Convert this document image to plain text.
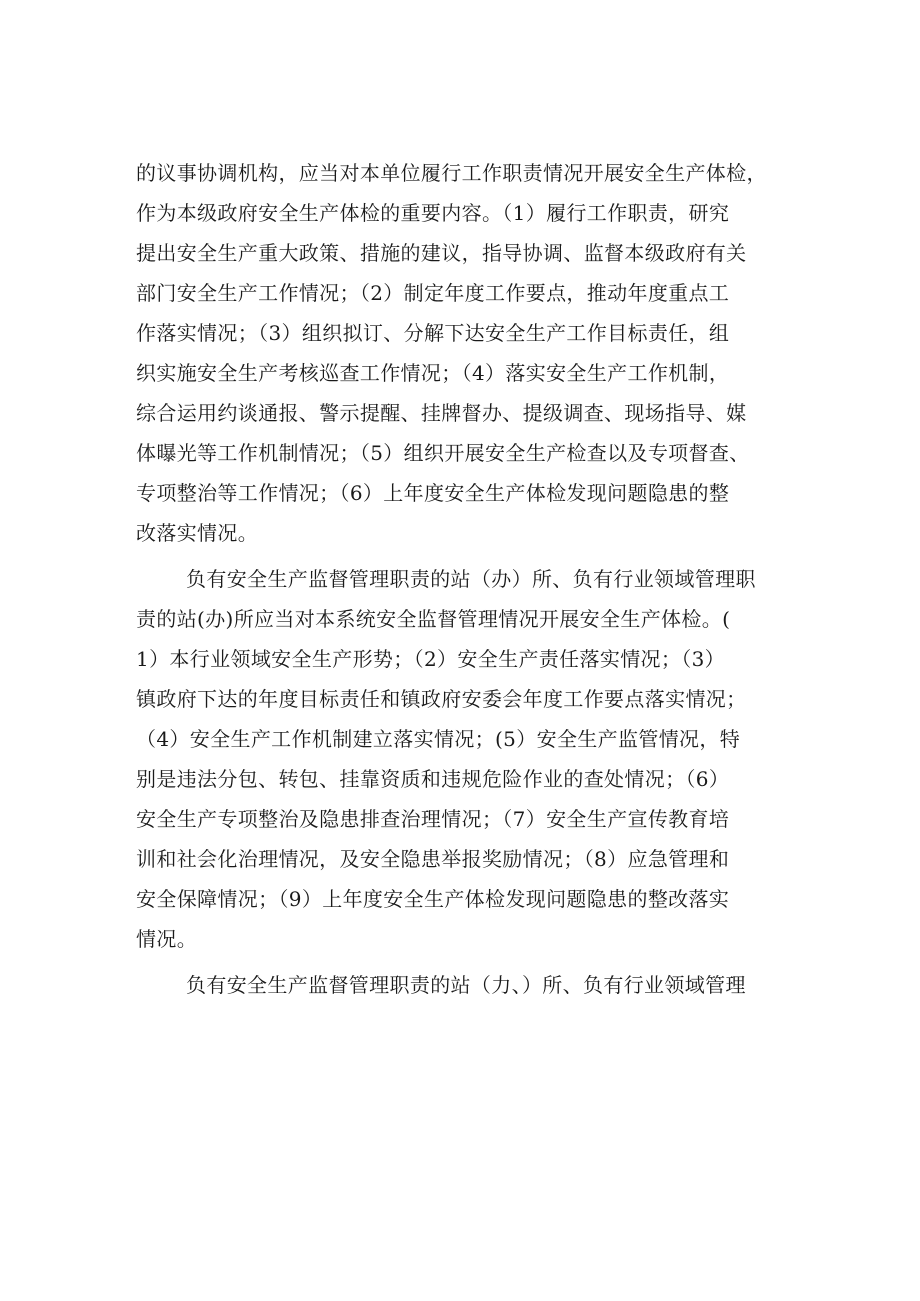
的议事协调机构，应当对本单位履行工作职责情况开展安全生产体检，
作为本级政府安全生产体检的重要内容。（1）履行工作职责，研究
提出安全生产重大政策、措施的建议，指导协调、监督本级政府有关
部门安全生产工作情况；（2）制定年度工作要点，推动年度重点工
作落实情况；（3）组织拟订、分解下达安全生产工作目标责任，组
织实施安全生产考核巡查工作情况；（4）落实安全生产工作机制，
综合运用约谈通报、警示提醒、挂牌督办、提级调查、现场指导、媒
体曝光等工作机制情况；（5）组织开展安全生产检查以及专项督查、
专项整治等工作情况；（6）上年度安全生产体检发现问题隐患的整
改落实情况。
负有安全生产监督管理职责的站（办）所、负有行业领域管理职
责的站(办)所应当对本系统安全监督管理情况开展安全生产体检。(
1）本行业领域安全生产形势；（2）安全生产责任落实情况；（3）
镇政府下达的年度目标责任和镇政府安委会年度工作要点落实情况；
（4）安全生产工作机制建立落实情况；(5）安全生产监管情况，特
别是违法分包、转包、挂靠资质和违规危险作业的查处情况；（6）
安全生产专项整治及隐患排查治理情况；（7）安全生产宣传教育培
训和社会化治理情况，及安全隐患举报奖励情况；（8）应急管理和
安全保障情况；（9）上年度安全生产体检发现问题隐患的整改落实
情况。
负有安全生产监督管理职责的站（力、）所、负有行业领域管理
